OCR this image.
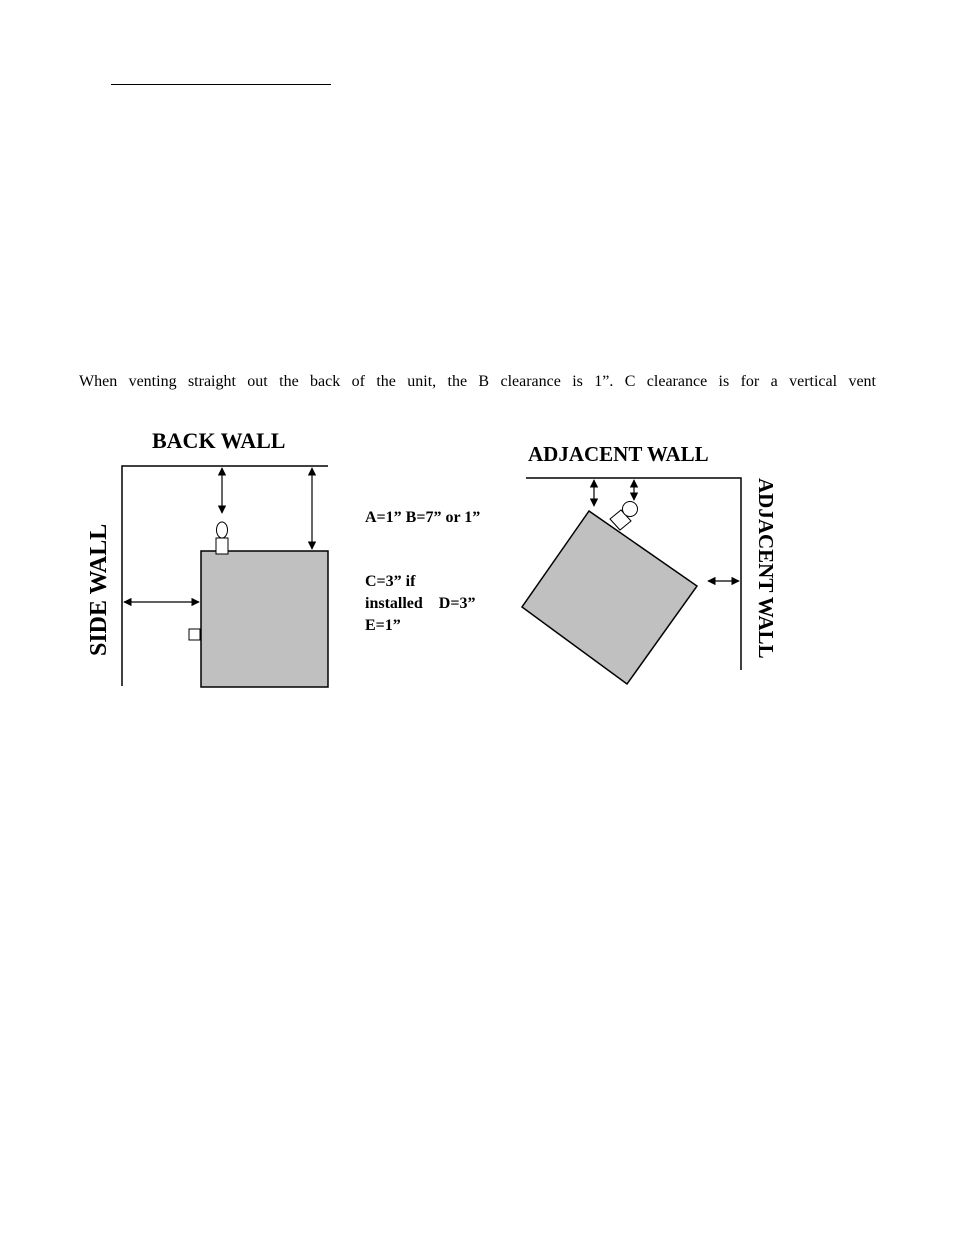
When venting straight out the back of the unit, the B clearance is 1”. C clearance is for a vertical vent
BACK WALL
SIDE WALL
ADJACENT WALL
ADJACENT WALL
A=1” B=7” or 1”
C=3” if
installed    D=3”
E=1”
